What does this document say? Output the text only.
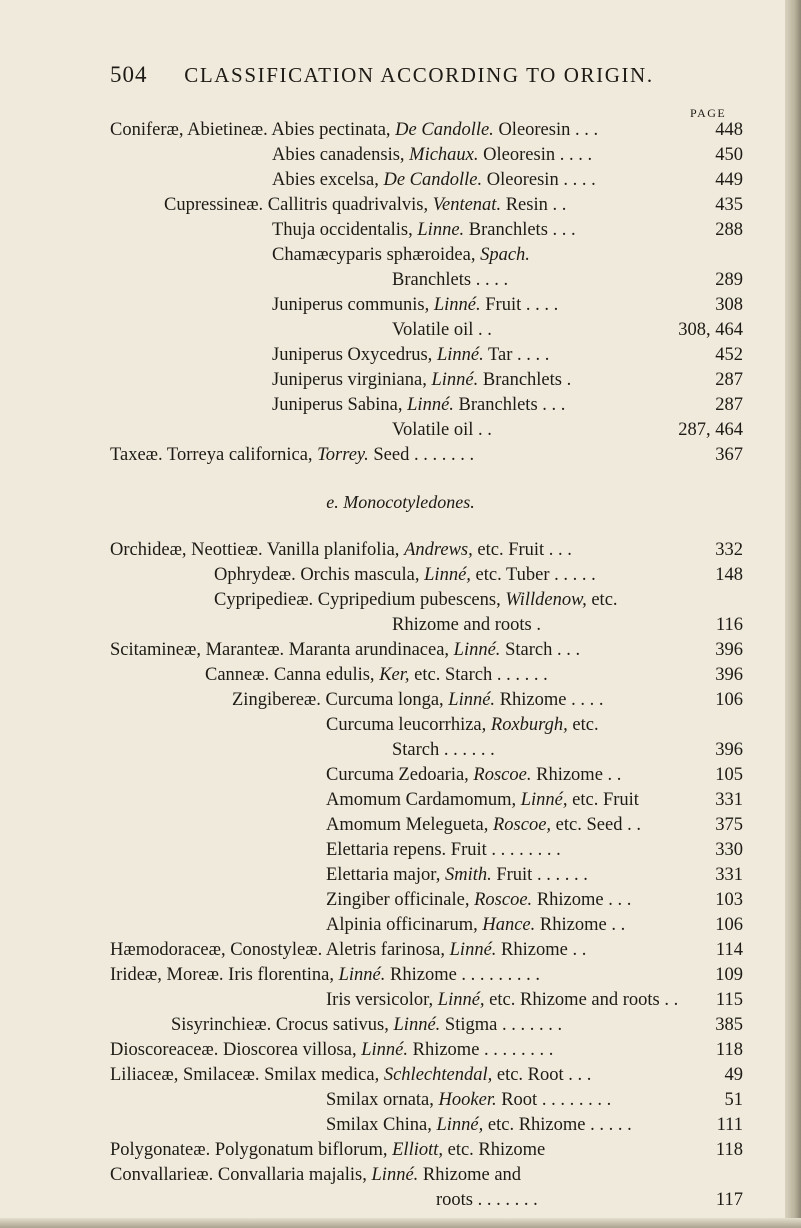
504 CLASSIFICATION ACCORDING TO ORIGIN.
PAGE
Coniferæ, Abietineæ. Abies pectinata, De Candolle. Oleoresin . . .	448
Abies canadensis, Michaux. Oleoresin . . . .	450
Abies excelsa, De Candolle. Oleoresin . . . .	449
Cupressineæ. Callitris quadrivalvis, Ventenat. Resin . .	435
Thuja occidentalis, Linne. Branchlets . . .	288
Chamæcyparis sphæroidea, Spach.
Branchlets . . . .	289
Juniperus communis, Linné. Fruit . . . .	308
Volatile oil . .	308, 464
Juniperus Oxycedrus, Linné. Tar . . . .	452
Juniperus virginiana, Linné. Branchlets .	287
Juniperus Sabina, Linné. Branchlets . . .	287
Volatile oil . .	287, 464
Taxeæ. Torreya californica, Torrey. Seed . . . . . . .	367
Orchideæ, Neottieæ. Vanilla planifolia, Andrews, etc. Fruit . . .	332
Ophrydeæ. Orchis mascula, Linné, etc. Tuber . . . . .	148
Cypripedieæ. Cypripedium pubescens, Willdenow, etc.
Rhizome and roots .	116
Scitamineæ, Maranteæ. Maranta arundinacea, Linné. Starch . . .	396
Canneæ. Canna edulis, Ker, etc. Starch . . . . . .	396
Zingibereæ. Curcuma longa, Linné. Rhizome . . . .	106
Curcuma leucorrhiza, Roxburgh, etc.
Starch . . . . . .	396
Curcuma Zedoaria, Roscoe. Rhizome . .	105
Amomum Cardamomum, Linné, etc. Fruit	331
Amomum Melegueta, Roscoe, etc. Seed . .	375
Elettaria repens. Fruit . . . . . . . .	330
Elettaria major, Smith. Fruit . . . . . .	331
Zingiber officinale, Roscoe. Rhizome . . .	103
Alpinia officinarum, Hance. Rhizome . .	106
Hæmodoraceæ, Conostyleæ. Aletris farinosa, Linné. Rhizome . .	114
Irideæ, Moreæ. Iris florentina, Linné. Rhizome . . . . . . . . .	109
Iris versicolor, Linné, etc. Rhizome and roots . . 115
Sisyrinchieæ. Crocus sativus, Linné. Stigma . . . . . . .	385
Dioscoreaceæ. Dioscorea villosa, Linné. Rhizome . . . . . . . .	118
Liliaceæ, Smilaceæ. Smilax medica, Schlechtendal, etc. Root . . .	49
Smilax ornata, Hooker. Root . . . . . . . .	51
Smilax China, Linné, etc. Rhizome . . . . .	111
Polygonateæ. Polygonatum biflorum, Elliott, etc. Rhizome	118
Convallarieæ. Convallaria majalis, Linné. Rhizome and
roots . . . . . . .	117
e. Monocotyledones.
